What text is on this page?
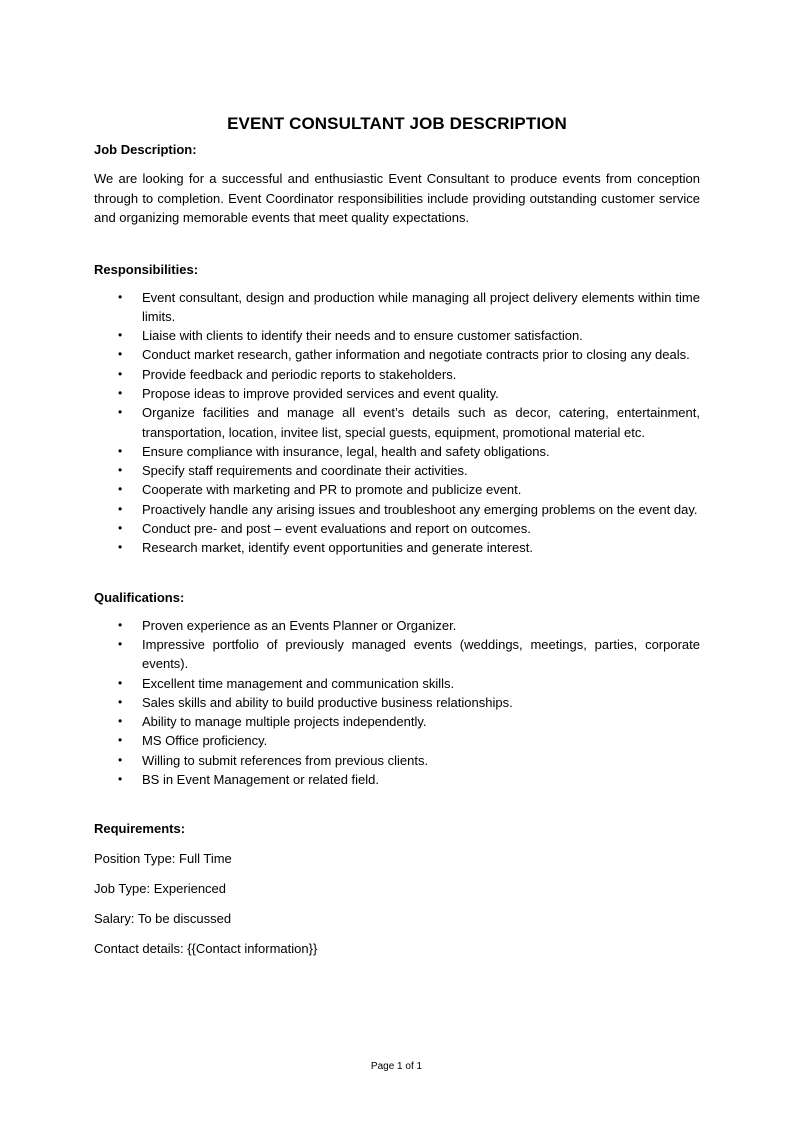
EVENT CONSULTANT JOB DESCRIPTION

Job Description:

We are looking for a successful and enthusiastic Event Consultant to produce events from conception through to completion. Event Coordinator responsibilities include providing outstanding customer service and organizing memorable events that meet quality expectations.

Responsibilities:

• Event consultant, design and production while managing all project delivery elements within time limits.
• Liaise with clients to identify their needs and to ensure customer satisfaction.
• Conduct market research, gather information and negotiate contracts prior to closing any deals.
• Provide feedback and periodic reports to stakeholders.
• Propose ideas to improve provided services and event quality.
• Organize facilities and manage all event’s details such as decor, catering, entertainment, transportation, location, invitee list, special guests, equipment, promotional material etc.
• Ensure compliance with insurance, legal, health and safety obligations.
• Specify staff requirements and coordinate their activities.
• Cooperate with marketing and PR to promote and publicize event.
• Proactively handle any arising issues and troubleshoot any emerging problems on the event day.
• Conduct pre- and post – event evaluations and report on outcomes.
• Research market, identify event opportunities and generate interest.

Qualifications:

• Proven experience as an Events Planner or Organizer.
• Impressive portfolio of previously managed events (weddings, meetings, parties, corporate events).
• Excellent time management and communication skills.
• Sales skills and ability to build productive business relationships.
• Ability to manage multiple projects independently.
• MS Office proficiency.
• Willing to submit references from previous clients.
• BS in Event Management or related field.

Requirements:

Position Type: Full Time

Job Type: Experienced

Salary: To be discussed

Contact details: {{Contact information}}

Page 1 of 1
